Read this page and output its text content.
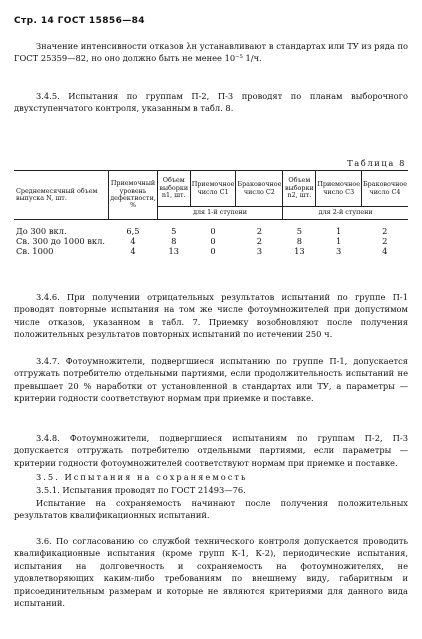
Стр. 14 ГОСТ 15856—84
Значение интенсивности отказов λн устанавливают в стандартах или ТУ из ряда по ГОСТ 25359—82, но оно должно быть не менее 10⁻⁵ 1/ч.
3.4.5. Испытания по группам П-2, П-3 проводят по планам выборочного двухступенчатого контроля, указанным в табл. 8.
Таблица 8
Среднемесячный объем выпуска N, шт.	Приемочный уровень дефектности, %	Объем выборки n1, шт.	Приемочное число C1	Браковочное число C2	Объем выборки n2, шт.	Приемочное число C3	Браковочное число C4
		для 1-й ступени			для 2-й ступени		
До 300 вкл.	6,5	5	0	2	5	1	2
Св. 300 до 1000 вкл.	4	8	0	2	8	1	2
Св. 1000	4	13	0	3	13	3	4
3.4.6. При получении отрицательных результатов испытаний по группе П-1 проводят повторные испытания на том же числе фотоумножителей при допустимом числе отказов, указанном в табл. 7. Приемку возобновляют после получения положительных результатов повторных испытаний по истечении 250 ч.
3.4.7. Фотоумножители, подвергшиеся испытанию по группе П-1, допускается отгружать потребителю отдельными партиями, если продолжительность испытаний не превышает 20 % наработки от установленной в стандартах или ТУ, а параметры — критерии годности соответствуют нормам при приемке и поставке.
3.4.8. Фотоумножители, подвергшиеся испытаниям по группам П-2, П-3 допускается отгружать потребителю отдельными партиями, если параметры — критерии годности фотоумножителей соответствуют нормам при приемке и поставке.
3.5. Испытания на сохраняемость
3.5.1. Испытания проводят по ГОСТ 21493—76.
Испытание на сохраняемость начинают после получения положительных результатов квалификационных испытаний.
3.6. По согласованию со службой технического контроля допускается проводить квалификационные испытания (кроме групп К-1, К-2), периодические испытания, испытания на долговечность и сохраняемость на фотоумножителях, не удовлетворяющих каким-либо требованиям по внешнему виду, габаритным и присоединительным размерам и которые не являются критериями для данного вида испытаний.
